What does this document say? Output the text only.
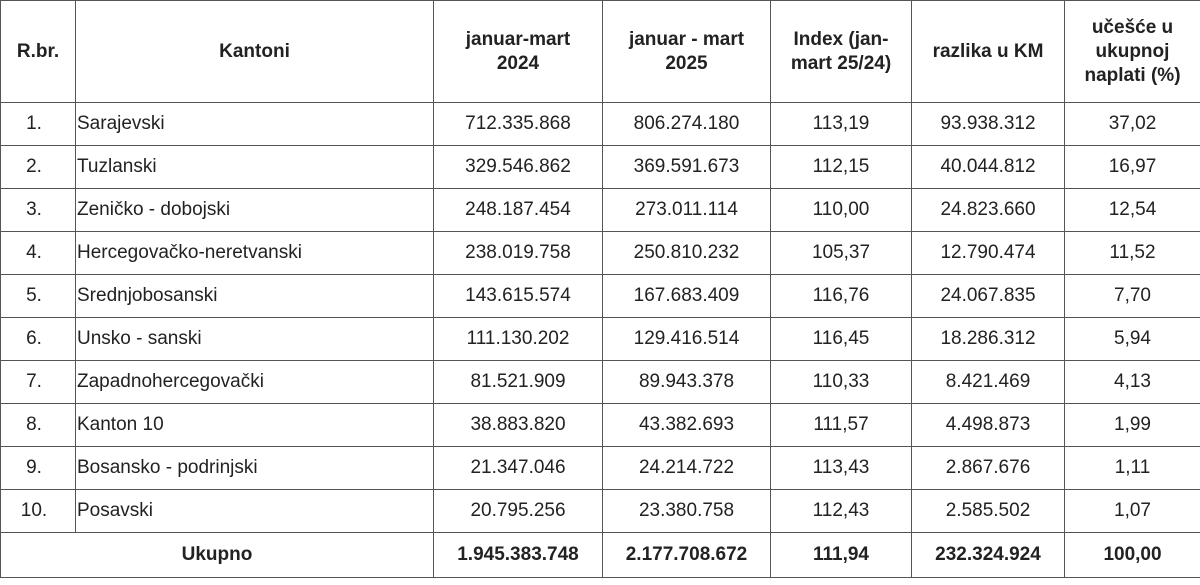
R.br.	Kantoni	januar-mart 2024	januar - mart 2025	Index (jan-mart 25/24)	razlika u KM	učešće u ukupnoj naplati (%)
1.	Sarajevski	712.335.868	806.274.180	113,19	93.938.312	37,02
2.	Tuzlanski	329.546.862	369.591.673	112,15	40.044.812	16,97
3.	Zeničko - dobojski	248.187.454	273.011.114	110,00	24.823.660	12,54
4.	Hercegovačko-neretvanski	238.019.758	250.810.232	105,37	12.790.474	11,52
5.	Srednjobosanski	143.615.574	167.683.409	116,76	24.067.835	7,70
6.	Unsko - sanski	111.130.202	129.416.514	116,45	18.286.312	5,94
7.	Zapadnohercegovački	81.521.909	89.943.378	110,33	8.421.469	4,13
8.	Kanton 10	38.883.820	43.382.693	111,57	4.498.873	1,99
9.	Bosansko - podrinjski	21.347.046	24.214.722	113,43	2.867.676	1,11
10.	Posavski	20.795.256	23.380.758	112,43	2.585.502	1,07
Ukupno		1.945.383.748	2.177.708.672	111,94	232.324.924	100,00
